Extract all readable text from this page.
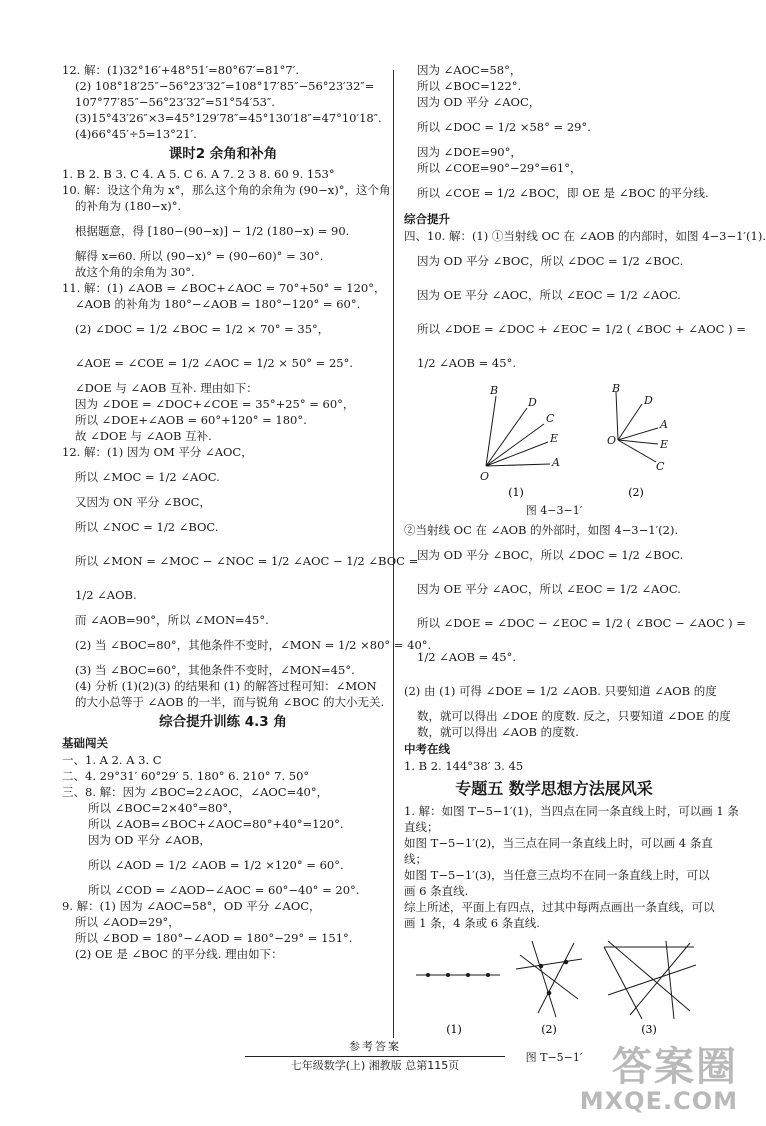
12. 解：(1)32°16′+48°51′=80°67′=81°7′.
(2) 108°18′25″−56°23′32″=108°17′85″−56°23′32″=
107°77′85″−56°23′32″=51°54′53″.
(3)15°43′26″×3=45°129′78″=45°130′18″=47°10′18″.
(4)66°45′÷5=13°21′.
课时2 余角和补角
1. B 2. B 3. C 4. A 5. C 6. A 7. 2 3 8. 60 9. 153°
10. 解：设这个角为 x°，那么这个角的余角为 (90−x)°，这个角
的补角为 (180−x)°.
根据题意，得 [180−(90−x)] − 1/2 (180−x) = 90.
解得 x=60. 所以 (90−x)° = (90−60)° = 30°.
故这个角的余角为 30°.
11. 解：(1) ∠AOB = ∠BOC+∠AOC = 70°+50° = 120°，
∠AOB 的补角为 180°−∠AOB = 180°−120° = 60°.
(2) ∠DOC = 1/2 ∠BOC = 1/2 × 70° = 35°，
∠AOE = ∠COE = 1/2 ∠AOC = 1/2 × 50° = 25°.
∠DOE 与 ∠AOB 互补. 理由如下：
因为 ∠DOE = ∠DOC+∠COE = 35°+25° = 60°，
所以 ∠DOE+∠AOB = 60°+120° = 180°.
故 ∠DOE 与 ∠AOB 互补.
12. 解：(1) 因为 OM 平分 ∠AOC，
所以 ∠MOC = 1/2 ∠AOC.
又因为 ON 平分 ∠BOC，
所以 ∠NOC = 1/2 ∠BOC.
所以 ∠MON = ∠MOC − ∠NOC = 1/2 ∠AOC − 1/2 ∠BOC =
1/2 ∠AOB.
而 ∠AOB=90°，所以 ∠MON=45°.
(2) 当 ∠BOC=80°，其他条件不变时，∠MON = 1/2 ×80° = 40°.
(3) 当 ∠BOC=60°，其他条件不变时，∠MON=45°.
(4) 分析 (1)(2)(3) 的结果和 (1) 的解答过程可知：∠MON
的大小总等于 ∠AOB 的一半，而与锐角 ∠BOC 的大小无关.
综合提升训练 4.3 角
基础闯关
一、1. A 2. A 3. C
二、4. 29°31′ 60°29′ 5. 180° 6. 210° 7. 50°
三、8. 解：因为 ∠BOC=2∠AOC，∠AOC=40°，
所以 ∠BOC=2×40°=80°，
所以 ∠AOB=∠BOC+∠AOC=80°+40°=120°.
因为 OD 平分 ∠AOB，
所以 ∠AOD = 1/2 ∠AOB = 1/2 ×120° = 60°.
所以 ∠COD = ∠AOD−∠AOC = 60°−40° = 20°.
9. 解：(1) 因为 ∠AOC=58°，OD 平分 ∠AOC，
所以 ∠AOD=29°，
所以 ∠BOD = 180°−∠AOD = 180°−29° = 151°.
(2) OE 是 ∠BOC 的平分线. 理由如下：
因为 ∠AOC=58°，
所以 ∠BOC=122°.
因为 OD 平分 ∠AOC，
所以 ∠DOC = 1/2 ×58° = 29°.
因为 ∠DOE=90°，
所以 ∠COE=90°−29°=61°，
所以 ∠COE = 1/2 ∠BOC，即 OE 是 ∠BOC 的平分线.
综合提升
四、10. 解：(1) ①当射线 OC 在 ∠AOB 的内部时，如图 4−3−1′(1).
因为 OD 平分 ∠BOC，所以 ∠DOC = 1/2 ∠BOC.
因为 OE 平分 ∠AOC，所以 ∠EOC = 1/2 ∠AOC.
所以 ∠DOE = ∠DOC + ∠EOC = 1/2 ( ∠BOC + ∠AOC ) =
1/2 ∠AOB = 45°.
B
D
C
E
A
O
(1)
B
D
A
E
C
O
(2)
图 4−3−1′
②当射线 OC 在 ∠AOB 的外部时，如图 4−3−1′(2).
因为 OD 平分 ∠BOC，所以 ∠DOC = 1/2 ∠BOC.
因为 OE 平分 ∠AOC，所以 ∠EOC = 1/2 ∠AOC.
所以 ∠DOE = ∠DOC − ∠EOC = 1/2 ( ∠BOC − ∠AOC ) =
1/2 ∠AOB = 45°.
(2) 由 (1) 可得 ∠DOE = 1/2 ∠AOB. 只要知道 ∠AOB 的度
数，就可以得出 ∠DOE 的度数. 反之，只要知道 ∠DOE 的度
数，就可以得出 ∠AOB 的度数.
中考在线
1. B 2. 144°38′ 3. 45
专题五 数学思想方法展风采
1. 解：如图 T−5−1′(1)，当四点在同一条直线上时，可以画 1 条
直线；
如图 T−5−1′(2)，当三点在同一条直线上时，可以画 4 条直
线；
如图 T−5−1′(3)，当任意三点均不在同一条直线上时，可以
画 6 条直线.
综上所述，平面上有四点，过其中每两点画出一条直线，可以
画 1 条，4 条或 6 条直线.
(1)	(2)	(3)
图 T−5−1′
参考答案
七年级数学(上) 湘教版 总第115页	答案圈
MXQE.COM
